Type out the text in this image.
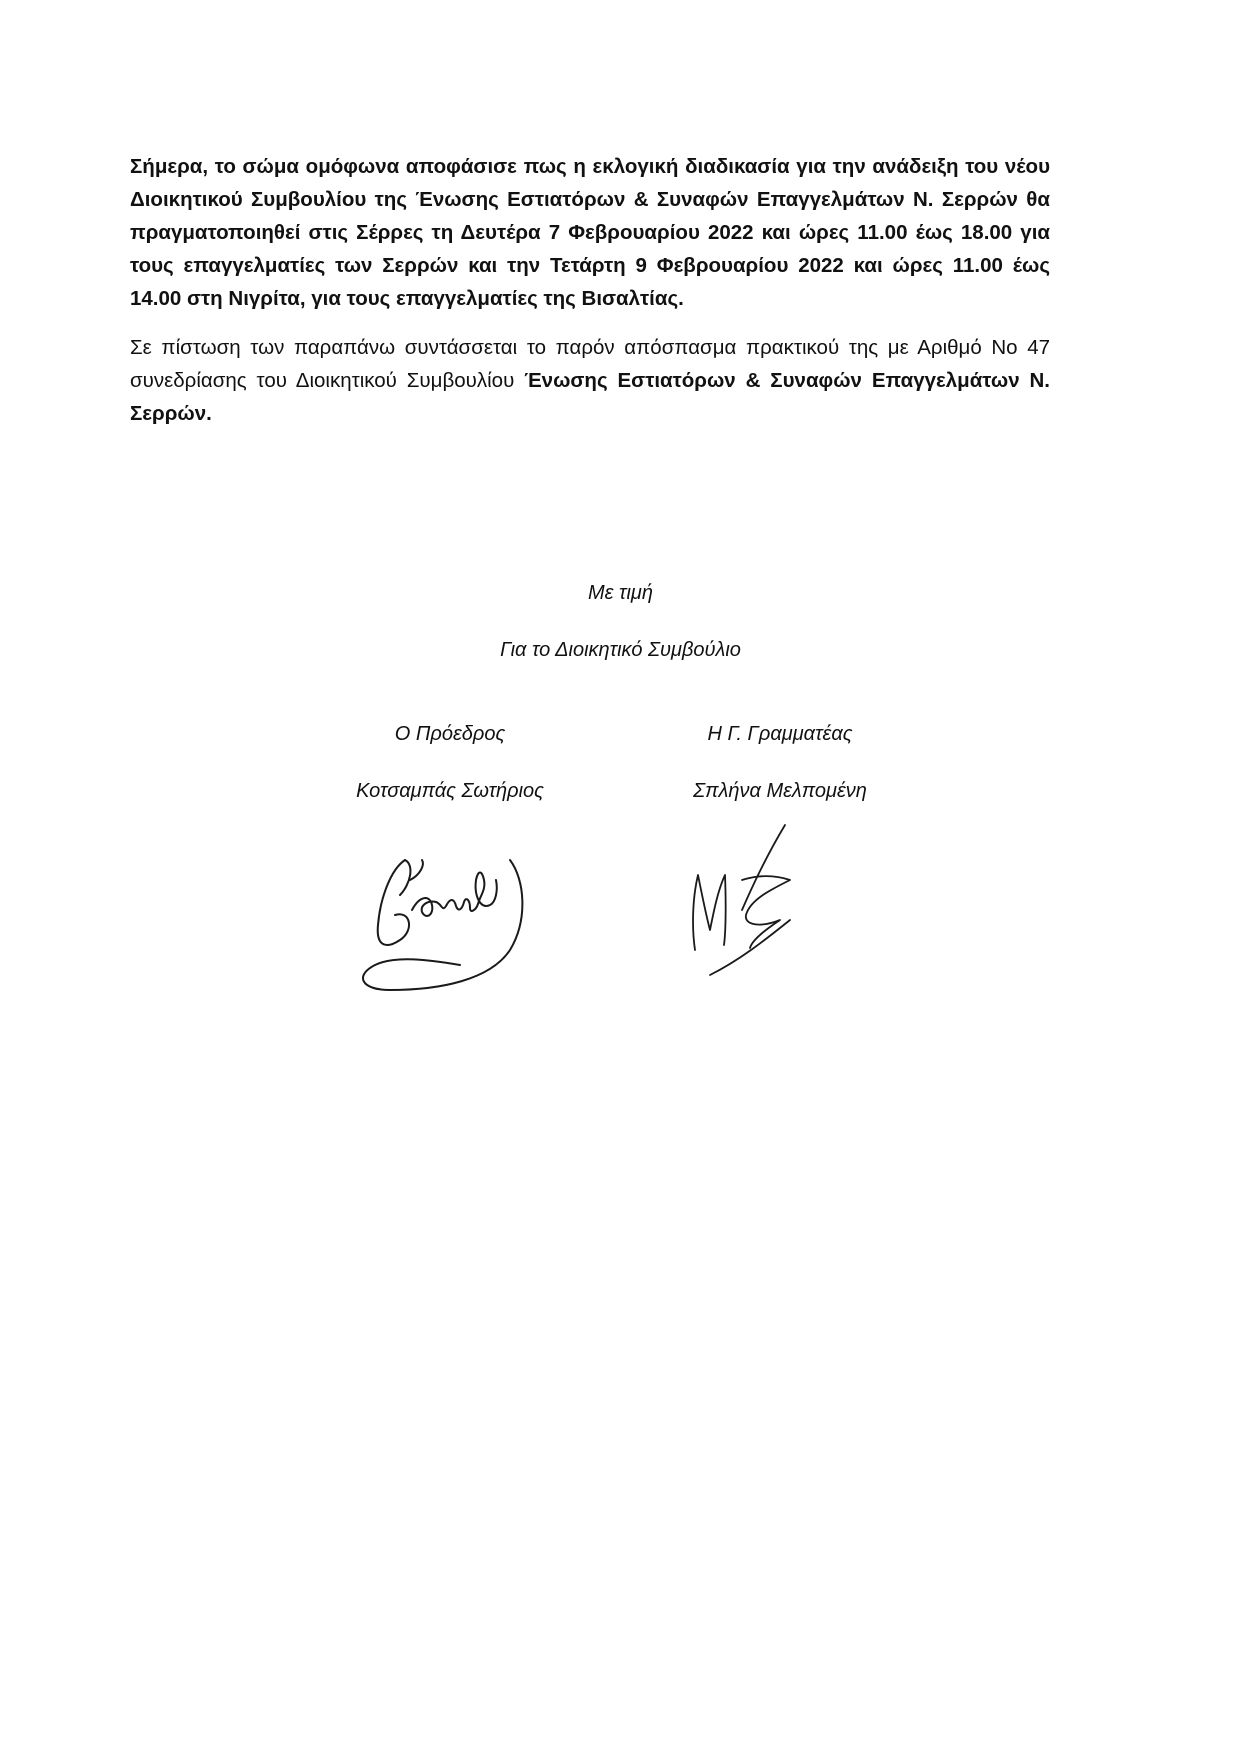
Σήμερα, το σώμα ομόφωνα αποφάσισε πως η εκλογική διαδικασία για την ανάδειξη του νέου Διοικητικού Συμβουλίου της Ένωσης Εστιατόρων & Συναφών Επαγγελμάτων Ν. Σερρών θα πραγματοποιηθεί στις Σέρρες τη Δευτέρα 7 Φεβρουαρίου 2022 και ώρες 11.00 έως 18.00 για τους επαγγελματίες των Σερρών και την Τετάρτη 9 Φεβρουαρίου 2022 και ώρες 11.00 έως 14.00 στη Νιγρίτα, για τους επαγγελματίες της Βισαλτίας.

Σε πίστωση των παραπάνω συντάσσεται το παρόν απόσπασμα πρακτικού της με Αριθμό Νο 47 συνεδρίασης του Διοικητικού Συμβουλίου Ένωσης Εστιατόρων & Συναφών Επαγγελμάτων Ν. Σερρών.

Με τιμή

Για το Διοικητικό Συμβούλιο

Ο Πρόεδρος	Η Γ. Γραμματέας

Κοτσαμπάς Σωτήριος	Σπλήνα Μελπομένη
